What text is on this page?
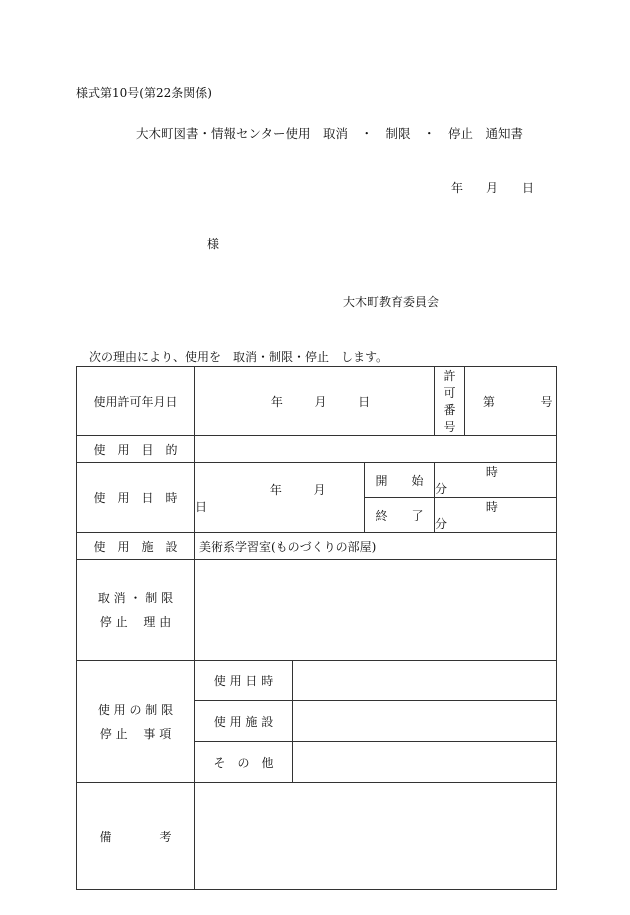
様式第10号(第22条関係)
大木町図書・情報センター使用　取消　・　制限　・　停止　通知書
年 月 日
様
大木町教育委員会
次の理由により、使用を　取消・制限・停止　します。
使用許可年月日	年 月 日			許　可　番　号	第 号
使　用　目　的					
使　用　日　時	年 月  日		開　　始	時  分	
			終　　了	時  分	
使　用　施　設	美術系学習室(ものづくりの部屋)				

取 消 ・ 制 限
停 止　 理 由					

使 用 の 制 限
停 止　 事 項	使 用 日 時				
	使 用 施 設				
	そ　の　他				
備　　　　考					
